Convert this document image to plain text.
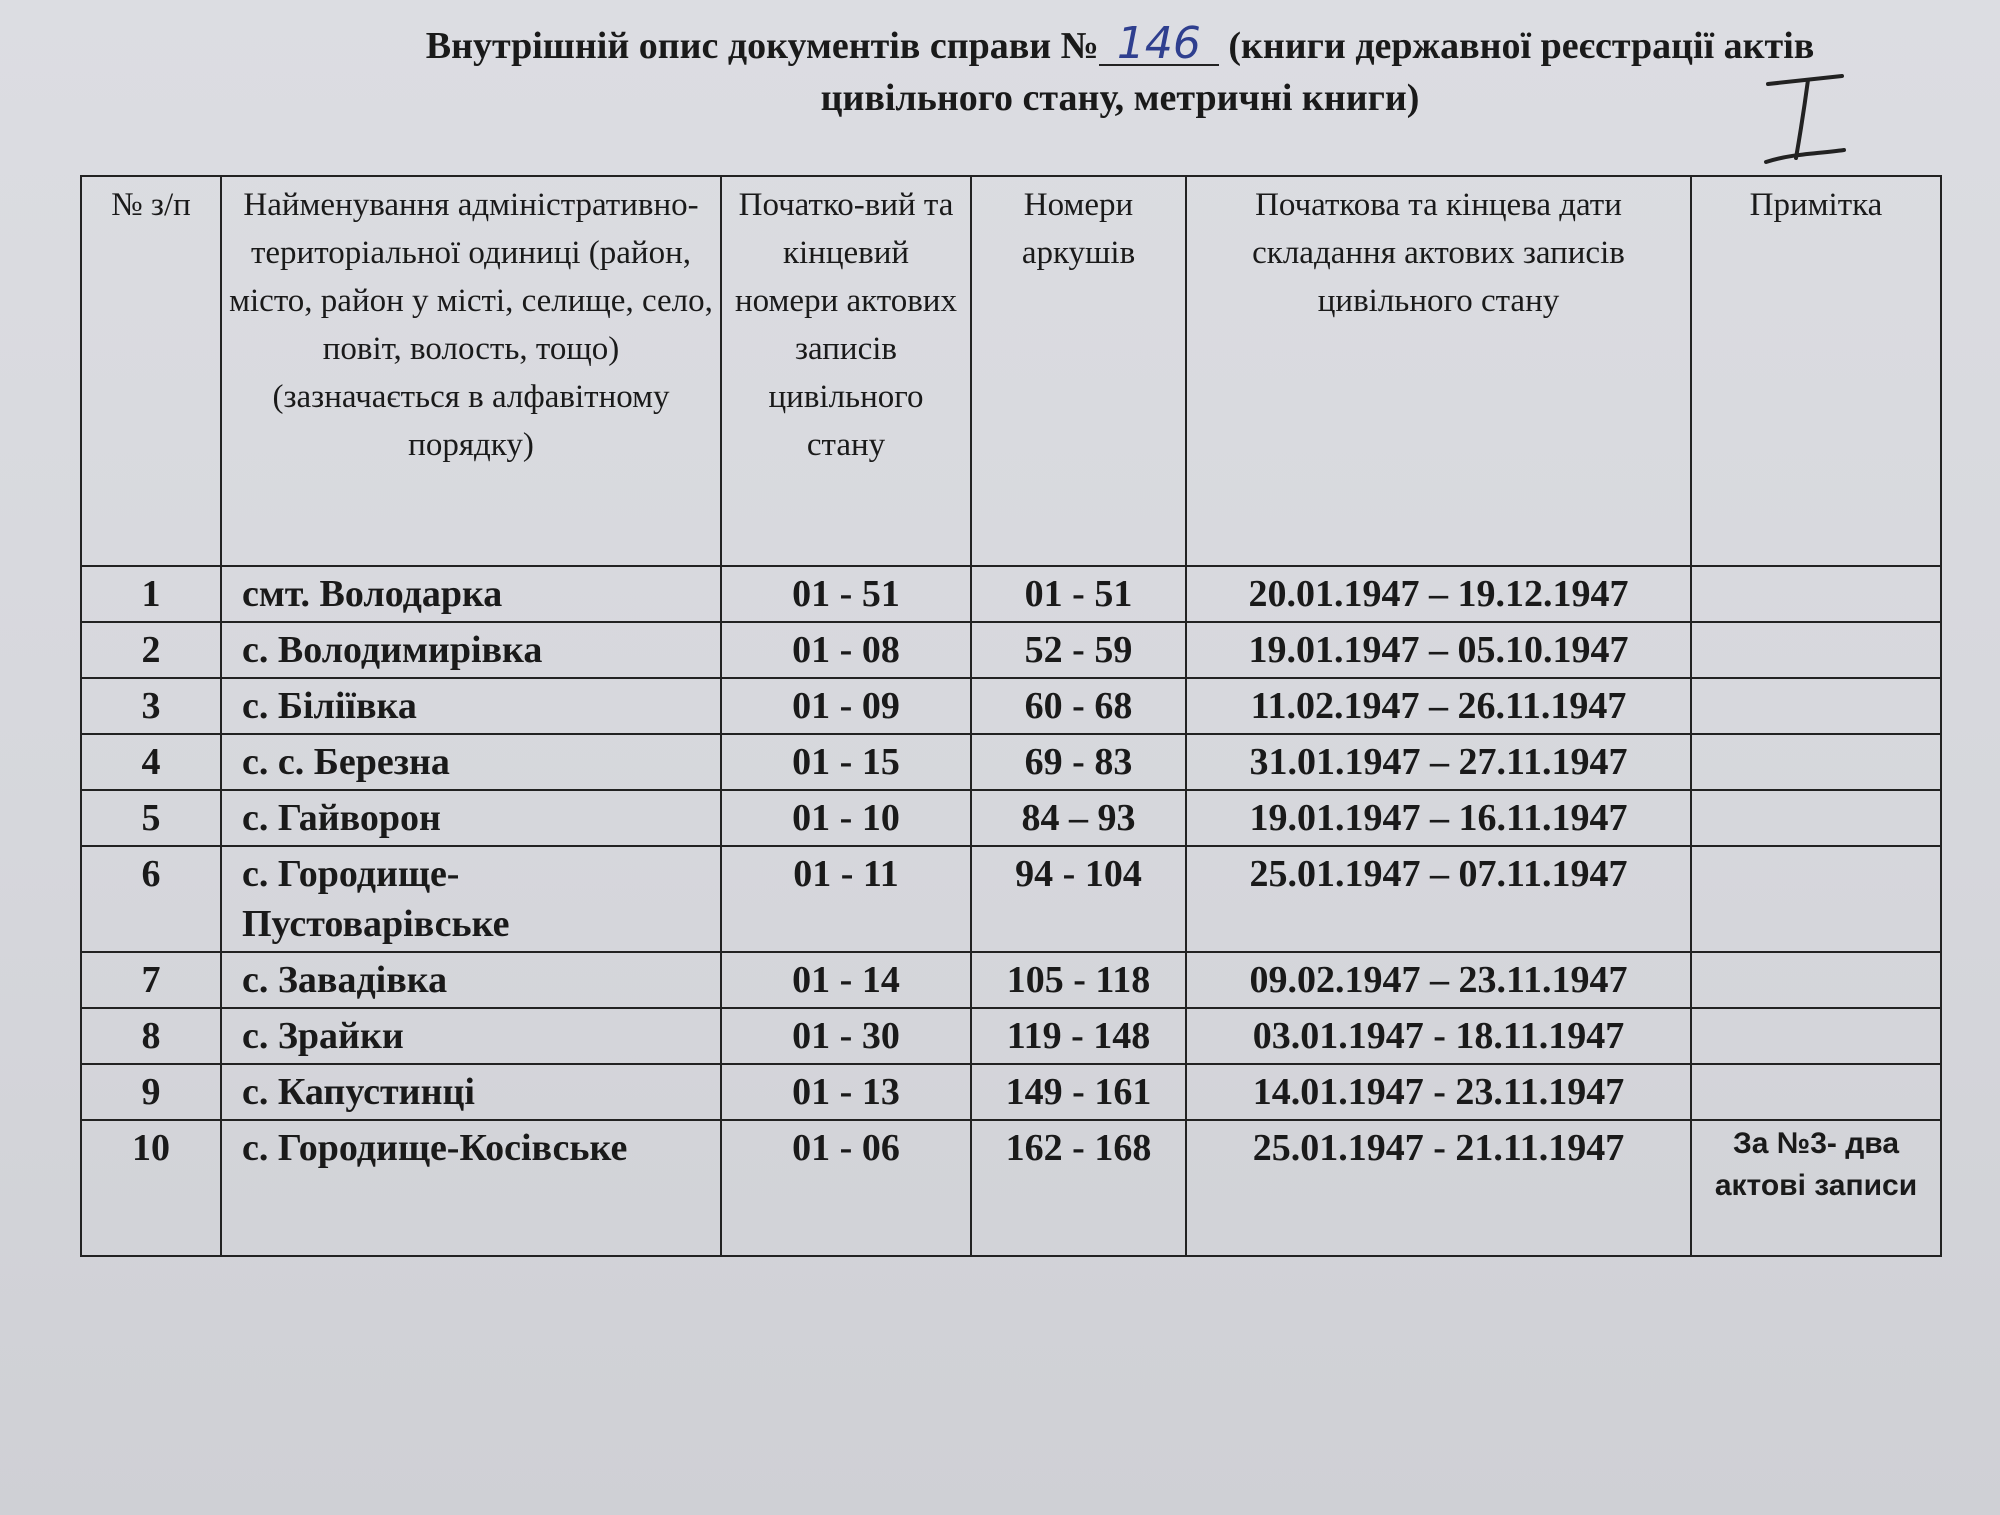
Внутрішній опис документів справи № 146 (книги державної реєстрації актів
цивільного стану, метричні книги)
№ з/п	Найменування адміністративно-територіальної одиниці (район, місто, район у місті, селище, село, повіт, волость, тощо) (зазначається в алфавітному порядку)	Початко-вий та кінцевий номери актових записів цивільного стану	Номери аркушів	Початкова та кінцева дати складання актових записів цивільного стану	Примітка
1	смт. Володарка	01 - 51	01 - 51	20.01.1947 – 19.12.1947	
2	с. Володимирівка	01 - 08	52 - 59	19.01.1947 – 05.10.1947	
3	с. Біліївка	01 - 09	60 - 68	11.02.1947 – 26.11.1947	
4	с. с. Березна	01 - 15	69 - 83	31.01.1947 – 27.11.1947	
5	с. Гайворон	01 - 10	84 – 93	19.01.1947 – 16.11.1947	
6	с. Городище-Пустоварівське	01 - 11	94 - 104	25.01.1947 – 07.11.1947	
7	с. Завадівка	01 - 14	105 - 118	09.02.1947 – 23.11.1947	
8	с. Зрайки	01 - 30	119 - 148	03.01.1947 - 18.11.1947	
9	с. Капустинці	01 - 13	149 - 161	14.01.1947 - 23.11.1947	
10	с. Городище-Косівське	01 - 06	162 - 168	25.01.1947 - 21.11.1947	За №3- два актові записи
